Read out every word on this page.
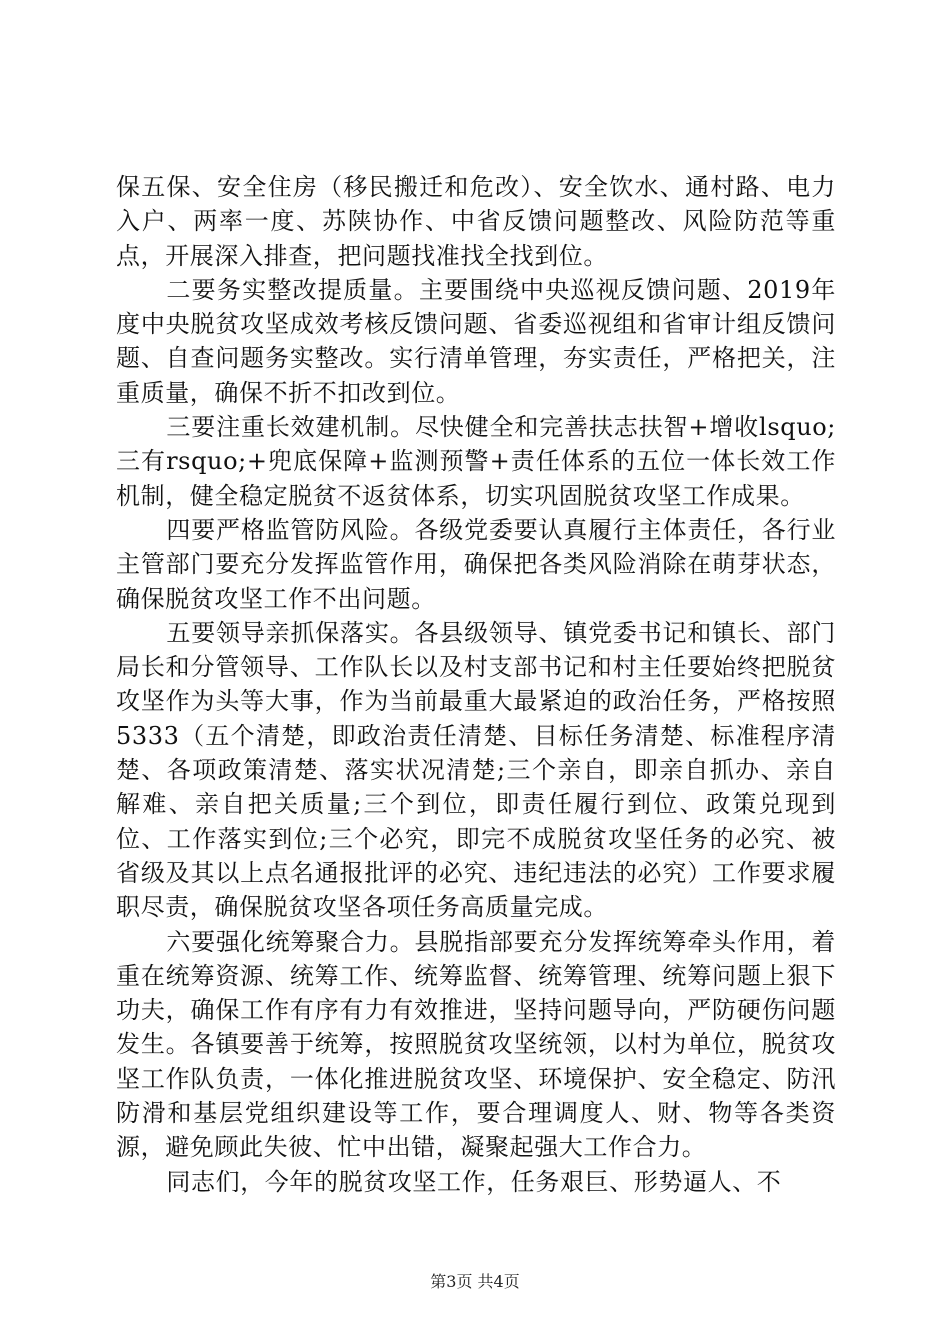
保五保、安全住房（移民搬迁和危改）、安全饮水、通村路、电力入户、两率一度、苏陕协作、中省反馈问题整改、风险防范等重点，开展深入排查，把问题找准找全找到位。

二要务实整改提质量。主要围绕中央巡视反馈问题、2019年度中央脱贫攻坚成效考核反馈问题、省委巡视组和省审计组反馈问题、自查问题务实整改。实行清单管理，夯实责任，严格把关，注重质量，确保不折不扣改到位。

三要注重长效建机制。尽快健全和完善扶志扶智+增收lsquo;三有rsquo;+兜底保障+监测预警+责任体系的五位一体长效工作机制，健全稳定脱贫不返贫体系，切实巩固脱贫攻坚工作成果。

四要严格监管防风险。各级党委要认真履行主体责任，各行业主管部门要充分发挥监管作用，确保把各类风险消除在萌芽状态，确保脱贫攻坚工作不出问题。

五要领导亲抓保落实。各县级领导、镇党委书记和镇长、部门局长和分管领导、工作队长以及村支部书记和村主任要始终把脱贫攻坚作为头等大事，作为当前最重大最紧迫的政治任务，严格按照5333（五个清楚，即政治责任清楚、目标任务清楚、标准程序清楚、各项政策清楚、落实状况清楚;三个亲自，即亲自抓办、亲自解难、亲自把关质量;三个到位，即责任履行到位、政策兑现到位、工作落实到位;三个必究，即完不成脱贫攻坚任务的必究、被省级及其以上点名通报批评的必究、违纪违法的必究）工作要求履职尽责，确保脱贫攻坚各项任务高质量完成。

六要强化统筹聚合力。县脱指部要充分发挥统筹牵头作用，着重在统筹资源、统筹工作、统筹监督、统筹管理、统筹问题上狠下功夫，确保工作有序有力有效推进，坚持问题导向，严防硬伤问题发生。各镇要善于统筹，按照脱贫攻坚统领，以村为单位，脱贫攻坚工作队负责，一体化推进脱贫攻坚、环境保护、安全稳定、防汛防滑和基层党组织建设等工作，要合理调度人、财、物等各类资源，避免顾此失彼、忙中出错，凝聚起强大工作合力。

同志们，今年的脱贫攻坚工作，任务艰巨、形势逼人、不

第3页 共4页
